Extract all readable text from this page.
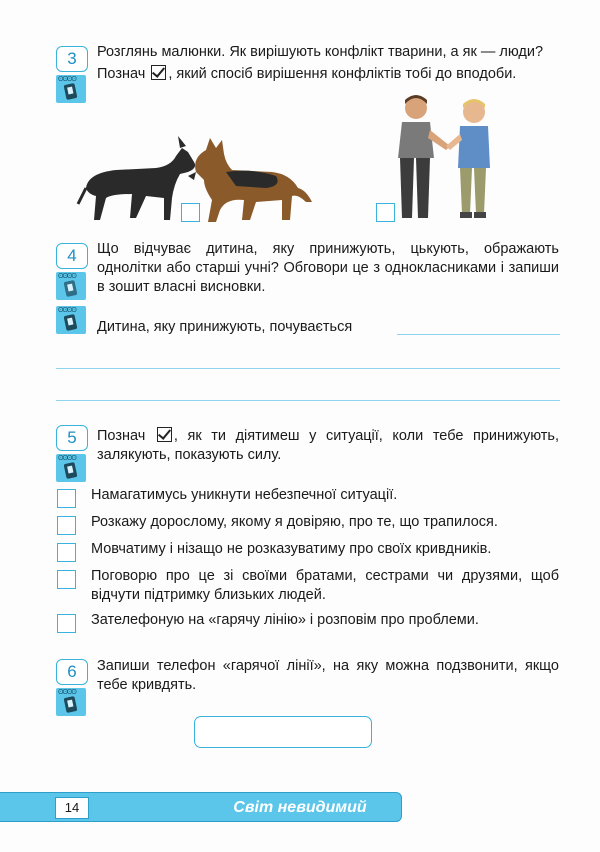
3
ʘʘʘʘ
Розглянь малюнки. Як вирішують конфлікт тварини, а як — люди?
Познач , який спосіб вирішення конфліктів тобі до вподоби.
4
ʘʘʘʘ
ʘʘʘʘ
Що відчуває дитина, яку принижують, цькують, ображають однолітки або старші учні? Обговори це з однокласниками і запиши в зошит власні висновки.
Дитина, яку принижують, почувається
5
ʘʘʘʘ
Познач , як ти діятимеш у ситуації, коли тебе принижують, залякують, показують силу.
Намагатимусь уникнути небезпечної ситуації.
Розкажу дорослому, якому я довіряю, про те, що трапилося.
Мовчатиму і нізащо не розказуватиму про своїх кривдників.
Поговорю про це зі своїми братами, сестрами чи друзями, щоб відчути підтримку близьких людей.
Зателефоную на «гарячу лінію» і розповім про проблеми.
6
ʘʘʘʘ
Запиши телефон «гарячої лінії», на яку можна подзвонити, якщо тебе кривдять.
14	Світ невидимий
